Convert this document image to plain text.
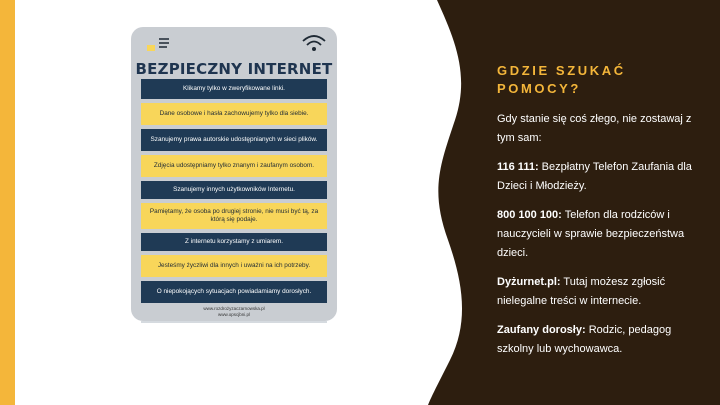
BEZPIECZNY INTERNET
Klikamy tylko w zweryfikowane linki.
Dane osobowe i hasła zachowujemy tylko dla siebie.
Szanujemy prawa autorskie udostępnianych w sieci plików.
Zdjęcia udostępniamy tylko znanym i zaufanym osobom.
Szanujemy innych użytkowników Internetu.
Pamiętamy, że osoba po drugiej stronie, nie musi być tą, za którą się podaje.
Z internetu korzystamy z umiarem.
Jesteśmy życzliwi dla innych i uważni na ich potrzeby.
O niepokojących sytuacjach powiadamiamy dorosłych.
www.rozdrożyzaczarnowska.pl
www.opscjbni.pl
GDZIE SZUKAĆ POMOCY?

Gdy stanie się coś złego, nie zostawaj z tym sam:

116 111: Bezpłatny Telefon Zaufania dla Dzieci i Młodzieży.

800 100 100: Telefon dla rodziców i nauczycieli w sprawie bezpieczeństwa dzieci.

Dyżurnet.pl: Tutaj możesz zgłosić nielegalne treści w internecie.

Zaufany dorosły: Rodzic, pedagog szkolny lub wychowawca.
